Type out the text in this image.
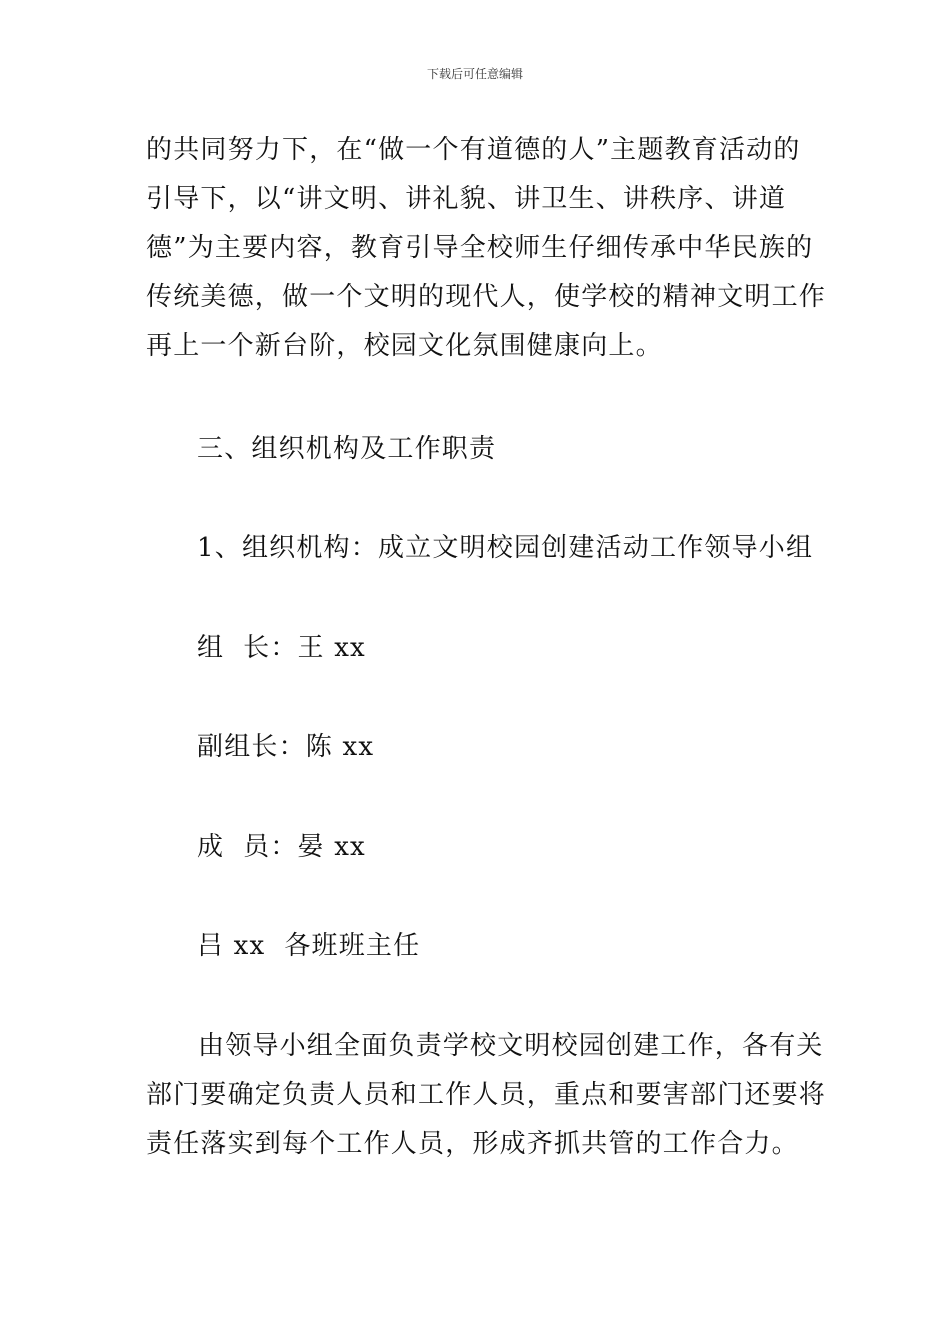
下载后可任意编辑
的共同努力下，在“做一个有道德的人”主题教育活动的
引导下，以“讲文明、讲礼貌、讲卫生、讲秩序、讲道
德”为主要内容，教育引导全校师生仔细传承中华民族的
传统美德，做一个文明的现代人，使学校的精神文明工作
再上一个新台阶，校园文化氛围健康向上。
三、组织机构及工作职责
1、组织机构：成立文明校园创建活动工作领导小组
组  长：王 xx
副组长：陈 xx
成  员：晏 xx
吕 xx  各班班主任
由领导小组全面负责学校文明校园创建工作，各有关
部门要确定负责人员和工作人员，重点和要害部门还要将
责任落实到每个工作人员，形成齐抓共管的工作合力。
